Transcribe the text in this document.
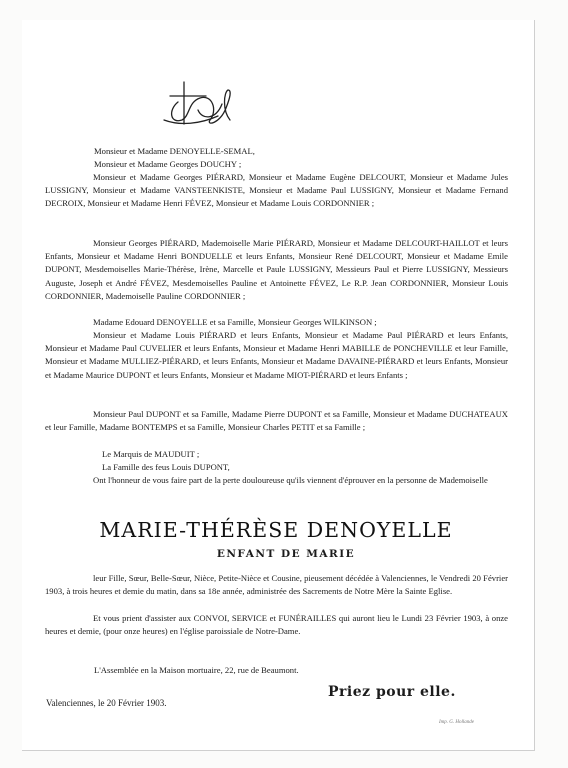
Monsieur et Madame DENOYELLE-SEMAL,

Monsieur et Madame Georges DOUCHY ;

Monsieur et Madame Georges PIÉRARD, Monsieur et Madame Eugène DELCOURT, Monsieur et Madame Jules LUSSIGNY, Monsieur et Madame VANSTEENKISTE, Monsieur et Madame Paul LUSSIGNY, Monsieur et Madame Fernand DECROIX, Monsieur et Madame Henri FÉVEZ, Monsieur et Madame Louis CORDONNIER ;

Monsieur Georges PIÉRARD, Mademoiselle Marie PIÉRARD, Monsieur et Madame DELCOURT-HAILLOT et leurs Enfants, Monsieur et Madame Henri BONDUELLE et leurs Enfants, Monsieur René DELCOURT, Monsieur et Madame Emile DUPONT, Mesdemoiselles Marie-Thérèse, Irène, Marcelle et Paule LUSSIGNY, Messieurs Paul et Pierre LUSSIGNY, Messieurs Auguste, Joseph et André FÉVEZ, Mesdemoiselles Pauline et Antoinette FÉVEZ, Le R.P. Jean CORDONNIER, Monsieur Louis CORDONNIER, Mademoiselle Pauline CORDONNIER ;

Madame Edouard DENOYELLE et sa Famille, Monsieur Georges WILKINSON ;

Monsieur et Madame Louis PIÉRARD et leurs Enfants, Monsieur et Madame Paul PIÉRARD et leurs Enfants, Monsieur et Madame Paul CUVELIER et leurs Enfants, Monsieur et Madame Henri MABILLE de PONCHEVILLE et leur Famille, Monsieur et Madame MULLIEZ-PIÉRARD, et leurs Enfants, Monsieur et Madame DAVAINE-PIÉRARD et leurs Enfants, Monsieur et Madame Maurice DUPONT et leurs Enfants, Monsieur et Madame MIOT-PIÉRARD et leurs Enfants ;

Monsieur Paul DUPONT et sa Famille, Madame Pierre DUPONT et sa Famille, Monsieur et Madame DUCHATEAUX et leur Famille, Madame BONTEMPS et sa Famille, Monsieur Charles PETIT et sa Famille ;

Le Marquis de MAUDUIT ;

La Famille des feus Louis DUPONT,

Ont l'honneur de vous faire part de la perte douloureuse qu'ils viennent d'éprouver en la personne de Mademoiselle

MARIE-THÉRÈSE DENOYELLE

ENFANT DE MARIE

leur Fille, Sœur, Belle-Sœur, Nièce, Petite-Nièce et Cousine, pieusement décédée à Valenciennes, le Vendredi 20 Février 1903, à trois heures et demie du matin, dans sa 18e année, administrée des Sacrements de Notre Mère la Sainte Eglise.

Et vous prient d'assister aux CONVOI, SERVICE et FUNÉRAILLES qui auront lieu le Lundi 23 Février 1903, à onze heures et demie, (pour onze heures) en l'église paroissiale de Notre-Dame.

L'Assemblée en la Maison mortuaire, 22, rue de Beaumont.

Valenciennes, le 20 Février 1903.

Priez pour elle.

Imp. G. Hollande
